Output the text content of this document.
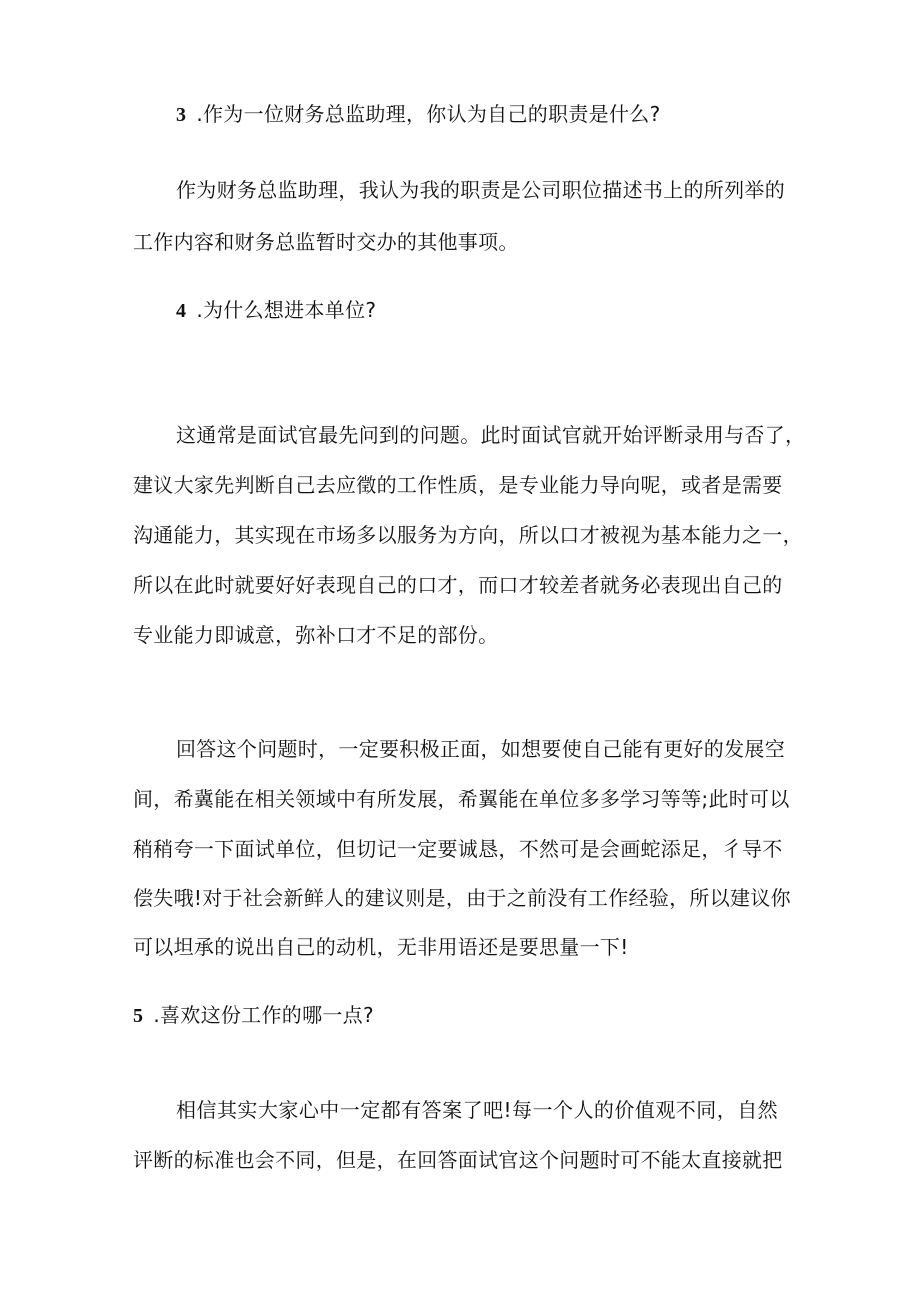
3 .作为一位财务总监助理，你认为自己的职责是什么?
作为财务总监助理，我认为我的职责是公司职位描述书上的所列举的
工作内容和财务总监暂时交办的其他事项。
4 .为什么想进本单位?
这通常是面试官最先问到的问题。此时面试官就开始评断录用与否了，
建议大家先判断自己去应徵的工作性质，是专业能力导向呢，或者是需要
沟通能力，其实现在市场多以服务为方向，所以口才被视为基本能力之一，
所以在此时就要好好表现自己的口才，而口才较差者就务必表现出自己的
专业能力即诚意，弥补口才不足的部份。
回答这个问题时，一定要积极正面，如想要使自己能有更好的发展空
间，希冀能在相关领域中有所发展，希翼能在单位多多学习等等;此时可以
稍稍夸一下面试单位，但切记一定要诚恳，不然可是会画蛇添足，彳导不
偿失哦!对于社会新鲜人的建议则是，由于之前没有工作经验，所以建议你
可以坦承的说出自己的动机，无非用语还是要思量一下!
5 .喜欢这份工作的哪一点?
相信其实大家心中一定都有答案了吧!每一个人的价值观不同，自然
评断的标准也会不同，但是，在回答面试官这个问题时可不能太直接就把
